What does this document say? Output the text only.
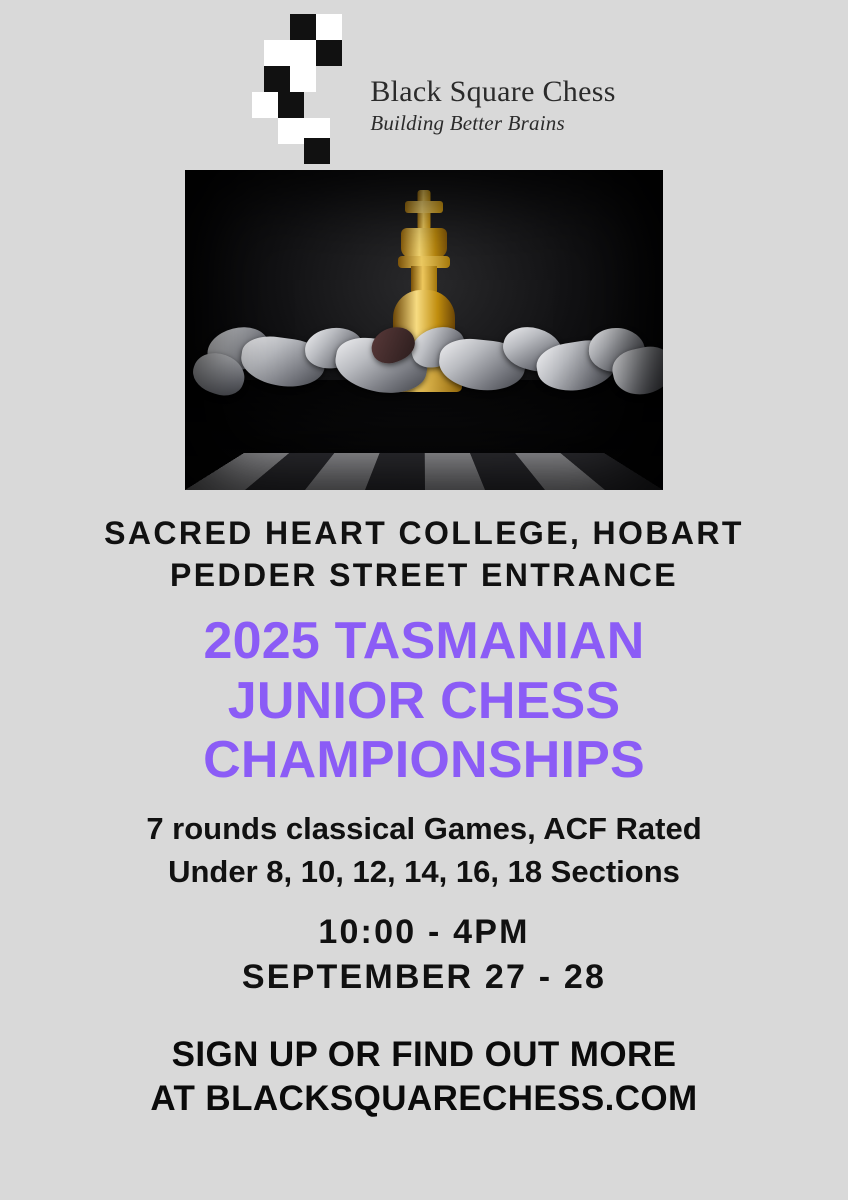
Black Square Chess
Building Better Brains
SACRED HEART COLLEGE, HOBART
PEDDER STREET ENTRANCE
2025 TASMANIAN
JUNIOR CHESS
CHAMPIONSHIPS
7 rounds classical Games, ACF Rated
Under 8, 10, 12, 14, 16, 18 Sections
10:00 - 4PM
SEPTEMBER 27 - 28
SIGN UP OR FIND OUT MORE
AT BLACKSQUARECHESS.COM
